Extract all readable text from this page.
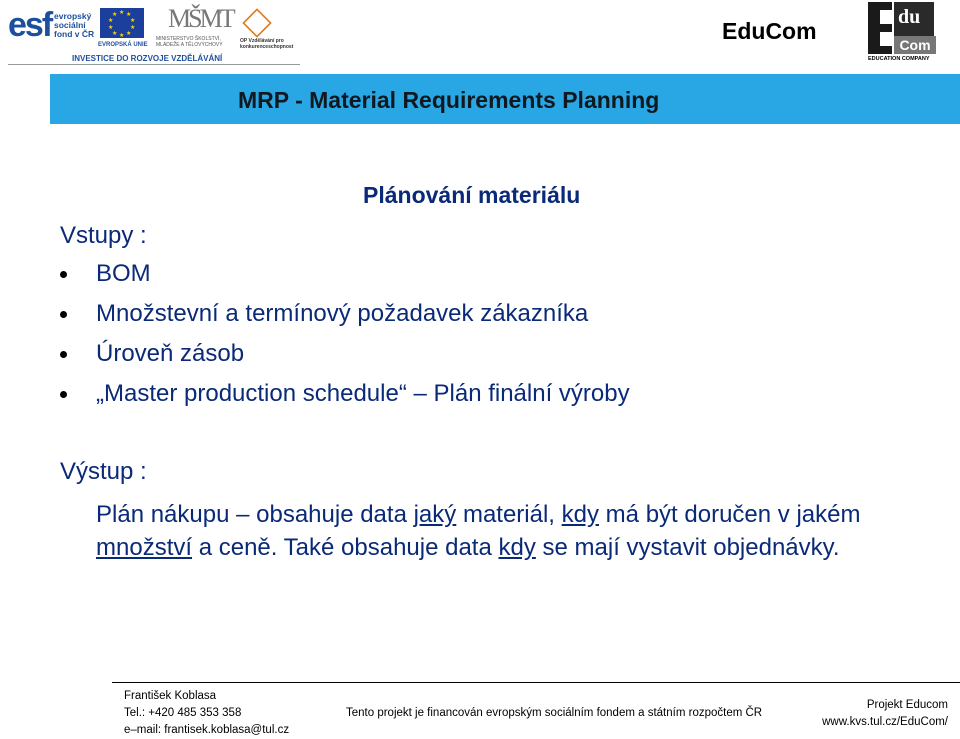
esf evropský
sociální
fond v ČR
★ ★
★
★
★
★
★
★
★
★
EVROPSKÁ UNIE
MŠMT
MINISTERSTVO ŠKOLSTVÍ, MLÁDEŽE A TĚLOVÝCHOVY
OP Vzdělávání pro konkurenceschopnost
INVESTICE DO ROZVOJE VZDĚLÁVÁNÍ
EduCom
du
Com
EDUCATION COMPANY
MRP - Material Requirements Planning
Plánování materiálu
Vstupy :
BOM
Množstevní a termínový požadavek zákazníka
Úroveň zásob
„Master production schedule“ – Plán finální výroby
Výstup :
Plán nákupu – obsahuje data jaký materiál, kdy má být doručen v jakém množství a ceně. Také obsahuje data kdy se mají vystavit objednávky.
František Koblasa
Tel.: +420 485 353 358
e–mail: frantisek.koblasa@tul.cz
Tento projekt je financován evropským sociálním fondem a státním rozpočtem ČR
Projekt Educom
www.kvs.tul.cz/EduCom/
